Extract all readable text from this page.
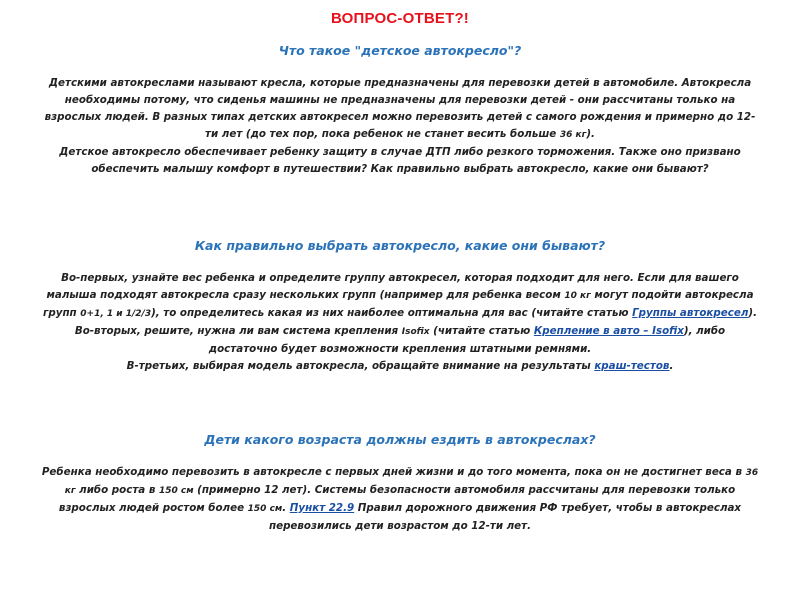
ВОПРОС-ОТВЕТ?!

Что такое "детское автокресло"?

Детскими автокреслами называют кресла, которые предназначены для перевозки детей в автомобиле. Автокресла необходимы потому, что сиденья машины не предназначены для перевозки детей - они рассчитаны только на взрослых людей. В разных типах детских автокресел можно перевозить детей с самого рождения и примерно до 12-ти лет (до тех пор, пока ребенок не станет весить больше 36 кг).
Детское автокресло обеспечивает ребенку защиту в случае ДТП либо резкого торможения. Также оно призвано обеспечить малышу комфорт в путешествии? Как правильно выбрать автокресло, какие они бывают?

Как правильно выбрать автокресло, какие они бывают?

Во-первых, узнайте вес ребенка и определите группу автокресел, которая подходит для него. Если для вашего малыша подходят автокресла сразу нескольких групп (например для ребенка весом 10 кг могут подойти автокресла групп 0+1, 1 и 1/2/3), то определитесь какая из них наиболее оптимальна для вас (читайте статью Группы автокресел).
Во-вторых, решите, нужна ли вам система крепления Isofix (читайте статью Крепление в авто – Isofix), либо достаточно будет возможности крепления штатными ремнями.
В-третьих, выбирая модель автокресла, обращайте внимание на результаты краш-тестов.

Дети какого возраста должны ездить в автокреслах?

Ребенка необходимо перевозить в автокресле с первых дней жизни и до того момента, пока он не достигнет веса в 36 кг либо роста в 150 см (примерно 12 лет). Системы безопасности автомобиля рассчитаны для перевозки только взрослых людей ростом более 150 см. Пункт 22.9 Правил дорожного движения РФ требует, чтобы в автокреслах перевозились дети возрастом до 12-ти лет.
